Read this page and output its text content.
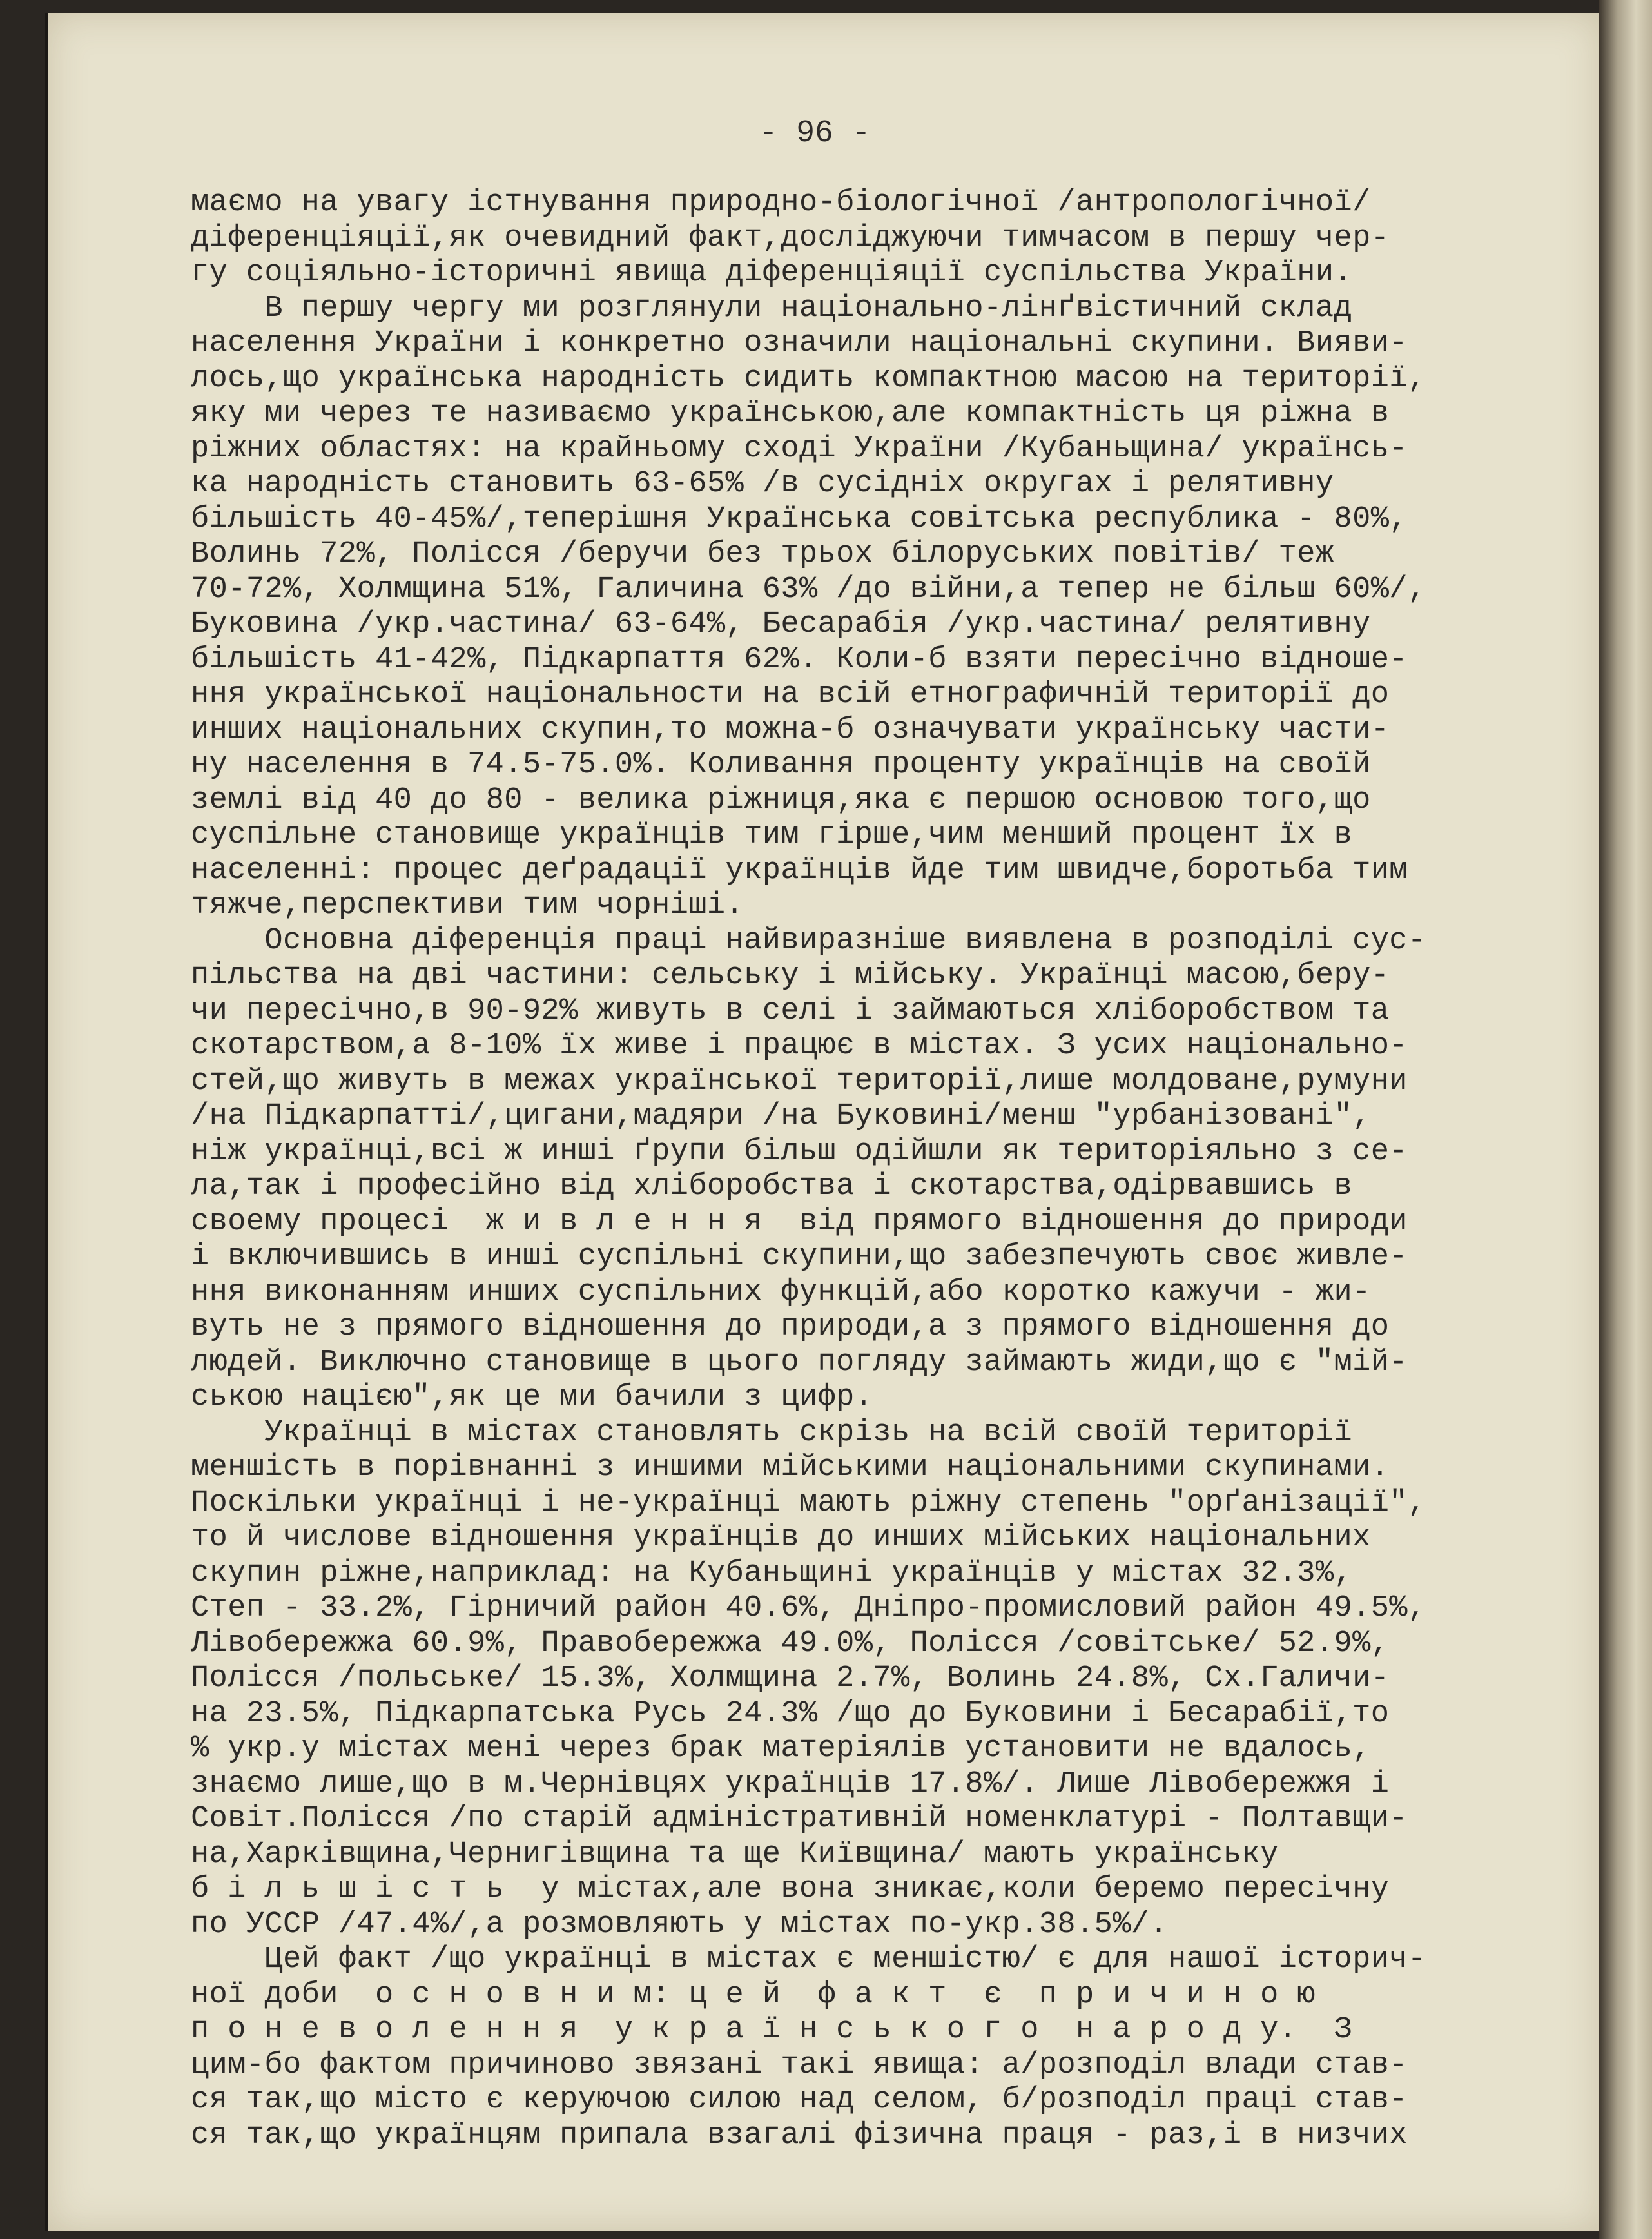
- 96 -
маємо на увагу істнування природно-біологічної /антропологічної/
діференціяції,як очевидний факт,досліджуючи тимчасом в першу чер-
гу соціяльно-історичні явища діференціяції суспільства України.
В першу чергу ми розглянули національно-лінґвістичний склад
населення України і конкретно означили національні скупини. Вияви-
лось,що українська народність сидить компактною масою на території,
яку ми через те називаємо українською,але компактність ця ріжна в
ріжних областях: на крайньому сході України /Кубаньщина/ українсь-
ка народність становить 63-65% /в сусідніх округах і релятивну
більшість 40-45%/,теперішня Українська совітська республика - 80%,
Волинь 72%, Полісся /беручи без трьох білоруських повітів/ теж
70-72%, Холмщина 51%, Галичина 63% /до війни,а тепер не більш 60%/,
Буковина /укр.частина/ 63-64%, Бесарабія /укр.частина/ релятивну
більшість 41-42%, Підкарпаття 62%. Коли-б взяти пересічно відноше-
ння української національности на всій етнографичній території до
инших національних скупин,то можна-б означувати українську части-
ну населення в 74.5-75.0%. Коливання проценту українців на своїй
землі від 40 до 80 - велика ріжниця,яка є першою основою того,що
суспільне становище українців тим гірше,чим менший процент їх в
населенні: процес деґрадації українців йде тим швидче,боротьба тим
тяжче,перспективи тим чорніші.
Основна діференція праці найвиразніше виявлена в розподілі сус-
пільства на дві частини: сельську і мійську. Українці масою,беру-
чи пересічно,в 90-92% живуть в селі і займаються хліборобством та
скотарством,а 8-10% їх живе і працює в містах. З усих національно-
стей,що живуть в межах української території,лише молдоване,румуни
/на Підкарпатті/,цигани,мадяри /на Буковині/менш "урбанізовані",
ніж українці,всі ж инші ґрупи більш одійшли як територіяльно з се-
ла,так і професійно від хліборобства і скотарства,одірвавшись в
своему процесі  ж и в л е н н я  від прямого відношення до природи
і включившись в инші суспільні скупини,що забезпечують своє живле-
ння виконанням инших суспільних функцій,або коротко кажучи - жи-
вуть не з прямого відношення до природи,а з прямого відношення до
людей. Виключно становище в цього погляду займають жиди,що є "мій-
ською нацією",як це ми бачили з цифр.
Українці в містах становлять скрізь на всій своїй території
меншість в порівнанні з иншими мійськими національними скупинами.
Поскільки українці і не-українці мають ріжну степень "орґанізації",
то й числове відношення українців до инших мійських національних
скупин ріжне,наприклад: на Кубаньщині українців у містах 32.3%,
Степ - 33.2%, Гірничий район 40.6%, Дніпро-промисловий район 49.5%,
Лівобережжа 60.9%, Правобережжа 49.0%, Полісся /совітське/ 52.9%,
Полісся /польське/ 15.3%, Холмщина 2.7%, Волинь 24.8%, Сх.Галичи-
на 23.5%, Підкарпатська Русь 24.3% /що до Буковини і Бесарабії,то
% укр.у містах мені через брак матеріялів установити не вдалось,
знаємо лише,що в м.Чернівцях українців 17.8%/. Лише Лівобережжя і
Совіт.Полісся /по старій адміністративній номенклатурі - Полтавщи-
на,Харківщина,Чернигівщина та ще Київщина/ мають українську
б і л ь ш і с т ь  у містах,але вона зникає,коли беремо пересічну
по УССР /47.4%/,а розмовляють у містах по-укр.38.5%/.
Цей факт /що українці в містах є меншістю/ є для нашої історич-
ної доби  о с н о в н и м: ц е й  ф а к т  є  п р и ч и н о ю
п о н е в о л е н н я  у к р а ї н с ь к о г о  н а р о д у.  З
цим-бо фактом причиново звязані такі явища: а/розподіл влади став-
ся так,що місто є керуючою силою над селом, б/розподіл праці став-
ся так,що українцям припала взагалі фізична праця - раз,і в низчих
